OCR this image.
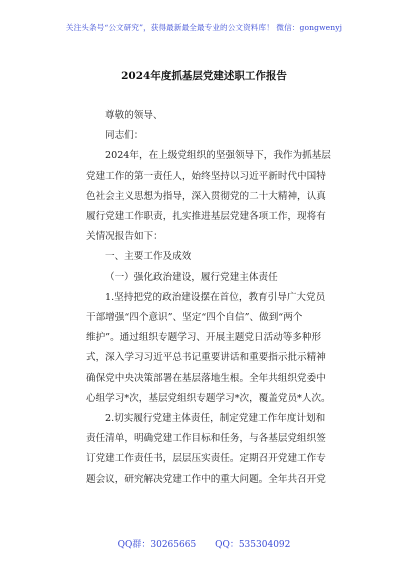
关注头条号“公文研究”，获得最新最全最专业的公文资料库！ 微信：gongwenyj
2024年度抓基层党建述职工作报告

尊敬的领导、

同志们：

2024年，在上级党组织的坚强领导下，我作为抓基层

党建工作的第一责任人，始终坚持以习近平新时代中国特

色社会主义思想为指导，深入贯彻党的二十大精神，认真

履行党建工作职责，扎实推进基层党建各项工作，现将有

关情况报告如下：

一、主要工作及成效

（一）强化政治建设，履行党建主体责任

1.坚持把党的政治建设摆在首位，教育引导广大党员

干部增强“四个意识”、坚定“四个自信”、做到“两个

维护”。通过组织专题学习、开展主题党日活动等多种形

式，深入学习习近平总书记重要讲话和重要指示批示精神

确保党中央决策部署在基层落地生根。全年共组织党委中

心组学习*次，基层党组织专题学习*次，覆盖党员*人次。

2.切实履行党建主体责任，制定党建工作年度计划和

责任清单，明确党建工作目标和任务，与各基层党组织签

订党建工作责任书，层层压实责任。定期召开党建工作专

题会议，研究解决党建工作中的重大问题。全年共召开党

QQ群：30265665 QQ：535304092
